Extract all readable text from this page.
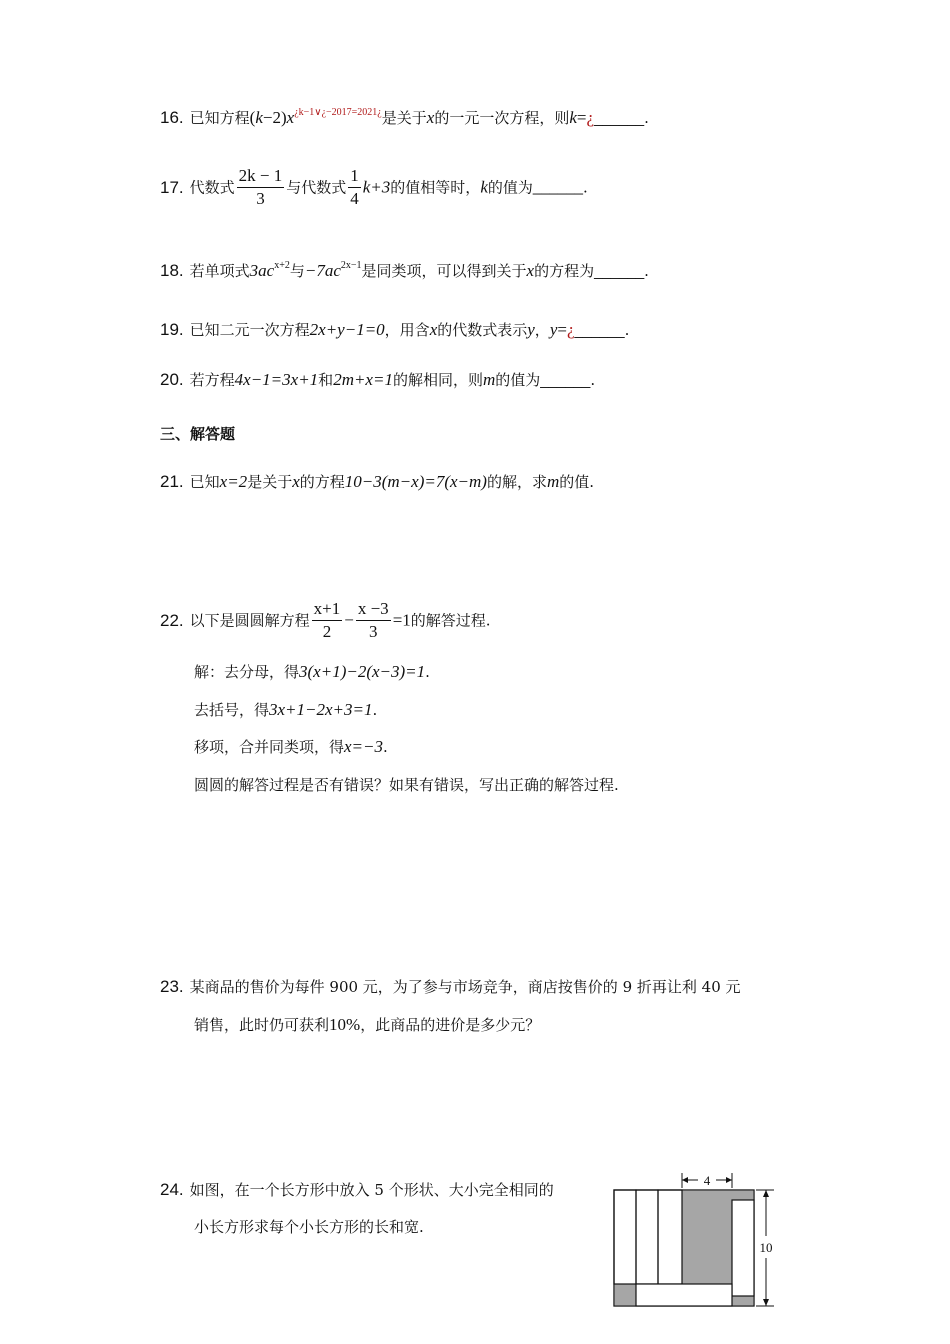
16. 已知方程$(k-2)x^{¿k-1\vee¿-2017=2021¿}$是关于x的一元一次方程，则k=¿______.
17. 代数式 $\frac{2k - 1}{3}$ 与代数式 $\frac{1}{4} k+3$的值相等时，k的值为______.
18. 若单项式$3ac^{x+2}$与$-7ac^{2x-1}$是同类项，可以得到关于x的方程为______.
19. 已知二元一次方程2x+y−1=0，用含x的代数式表示y，y=¿______.
20. 若方程4x−1=3x+1和2m+x=1的解相同，则m的值为______.
三、解答题
21. 已知x=2是关于x的方程10−3(m−x)=7(x−m)的解，求m的值.
22. 以下是圆圆解方程 $\frac{x+1}{2} - \frac{x -3}{3} =1$的解答过程.
解：去分母，得3(x+1)−2(x−3)=1.
去括号，得3x+1−2x+3=1.
移项，合并同类项，得x=−3.
圆圆的解答过程是否有错误？如果有错误，写出正确的解答过程.
23. 某商品的售价为每件 900 元，为了参与市场竞争，商店按售价的 9 折再让利 40 元
销售，此时仍可获利10%，此商品的进价是多少元？
24. 如图，在一个长方形中放入 5 个形状、大小完全相同的
小长方形求每个小长方形的长和宽.
4
10
